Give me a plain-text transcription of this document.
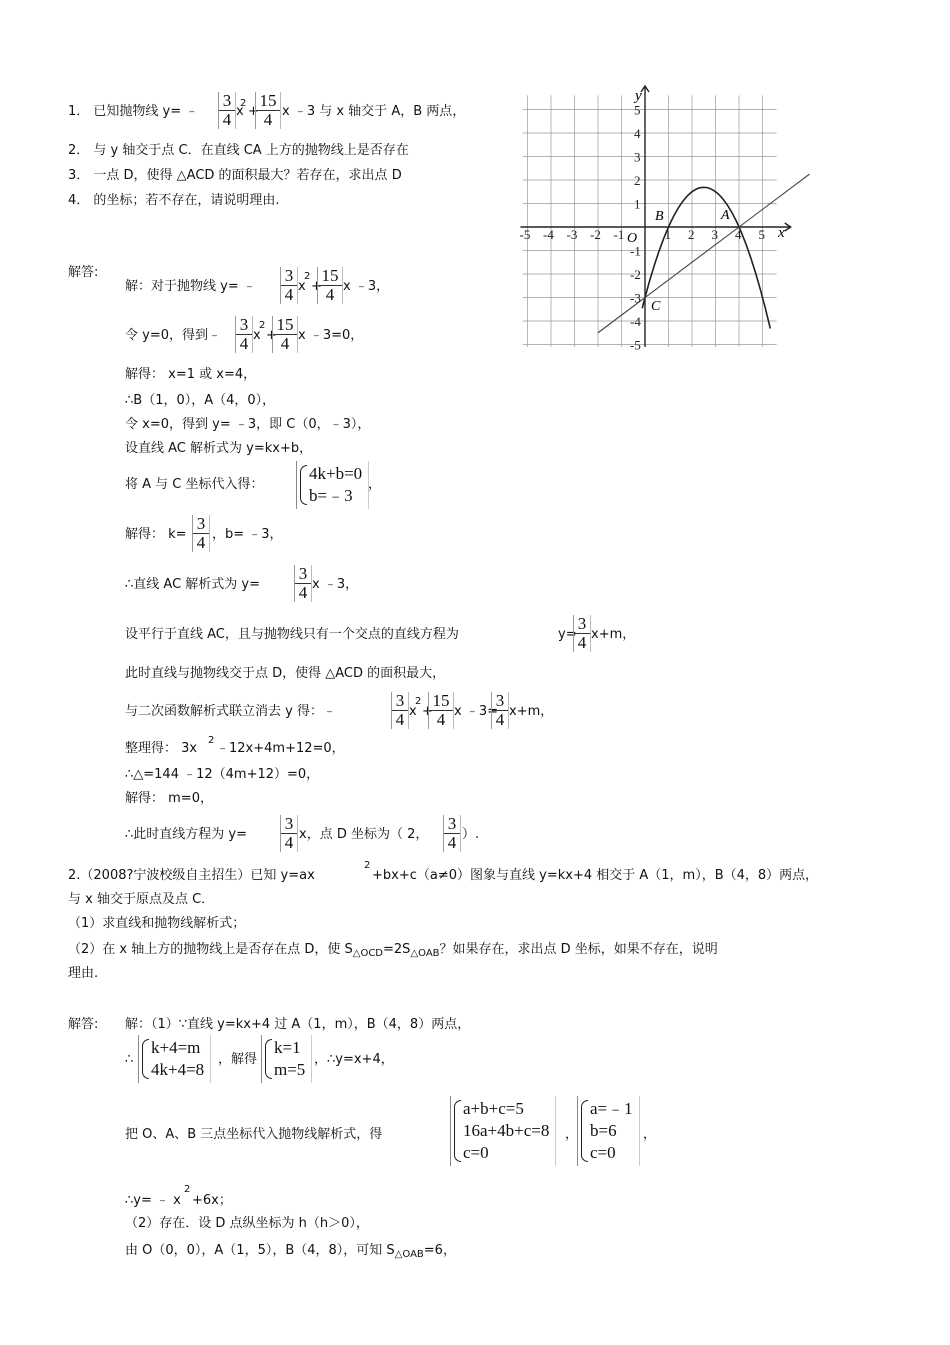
1． 已知抛物线 y= ﹣ $\frac{3}{4}$ x
2
+
$\frac{15}{4}$ x ﹣3 与 x 轴交于 A，B 两点，
2． 与 y 轴交于点 C．在直线 CA 上方的抛物线上是否存在
3． 一点 D，使得 △ACD 的面积最大？若存在，求出点 D
4． 的坐标；若不存在，请说明理由.
-5 -4 -3 -2 -1	1 2 3 4 5
5
4
3
2
1
-1
-2
-3
-4
-5
y
x
O
A
B
C
解答:
解：对于抛物线 y= ﹣ $\frac{3}{4}$ x
2
+
$\frac{15}{4}$ x ﹣3，
令 y=0，得到﹣ $\frac{3}{4}$ x
2
+
$\frac{15}{4}$ x ﹣3=0，
解得： x=1 或 x=4，
∴B（1，0），A（4，0），
令 x=0，得到 y= ﹣3，即 C（0，﹣3），
设直线 AC 解析式为 y=kx+b，
将 A 与 C 坐标代入得：
4k+b=0
b=﹣3
，
解得： $k= \frac{3}{4}$ ，b= ﹣3，
∴直线 AC 解析式为 $y= \frac{3}{4}$ x ﹣3，
设平行于直线 AC，且与抛物线只有一个交点的直线方程为	y=
$\frac{3}{4} x+m$，
此时直线与抛物线交于点 D，使得 △ACD 的面积最大，
与二次函数解析式联立消去 y 得：﹣	$\frac{3}{4}$ x
2
+
$\frac{15}{4}$ x ﹣3=
$\frac{3}{4} x+m$，
整理得： 3x
2
﹣12x+4m+12=0，
∴△=144 ﹣12（4m+12）=0，
解得： m=0，
∴此时直线方程为 $y= \frac{3}{4}$ x，点 D 坐标为（ 2， $\frac{3}{4}$ ）.
2.（2008?宁波校级自主招生）已知 y=ax
2
+bx+c（a≠0）图象与直线 y=kx+4 相交于 A（1，m），B（4，8）两点，
与 x 轴交于原点及点 C．
（1）求直线和抛物线解析式；
（2）在 x 轴上方的抛物线上是否存在点 D，使 $S_{\triangle OCD}=2S_{\triangle OAB}$？如果存在，求出点 D 坐标，如果不存在，说明
理由.
解答: 解：（1）∵直线 y=kx+4 过 A（1，m），B（4，8）两点，
∴
k+4=m
4k+4=8
，解得
k=1
m=5
，∴y=x+4，
把 O、A、B 三点坐标代入抛物线解析式，得
a+b+c=5
16a+4b+c=8
c=0
，
a=﹣1
b=6
c=0
，
∴y= ﹣ x
2
+6x；
（2）存在．设 D 点纵坐标为 h（h＞0），
由 O（0，0），A（1，5），B（4，8），可知 $S_{\triangle OAB}=6$，
